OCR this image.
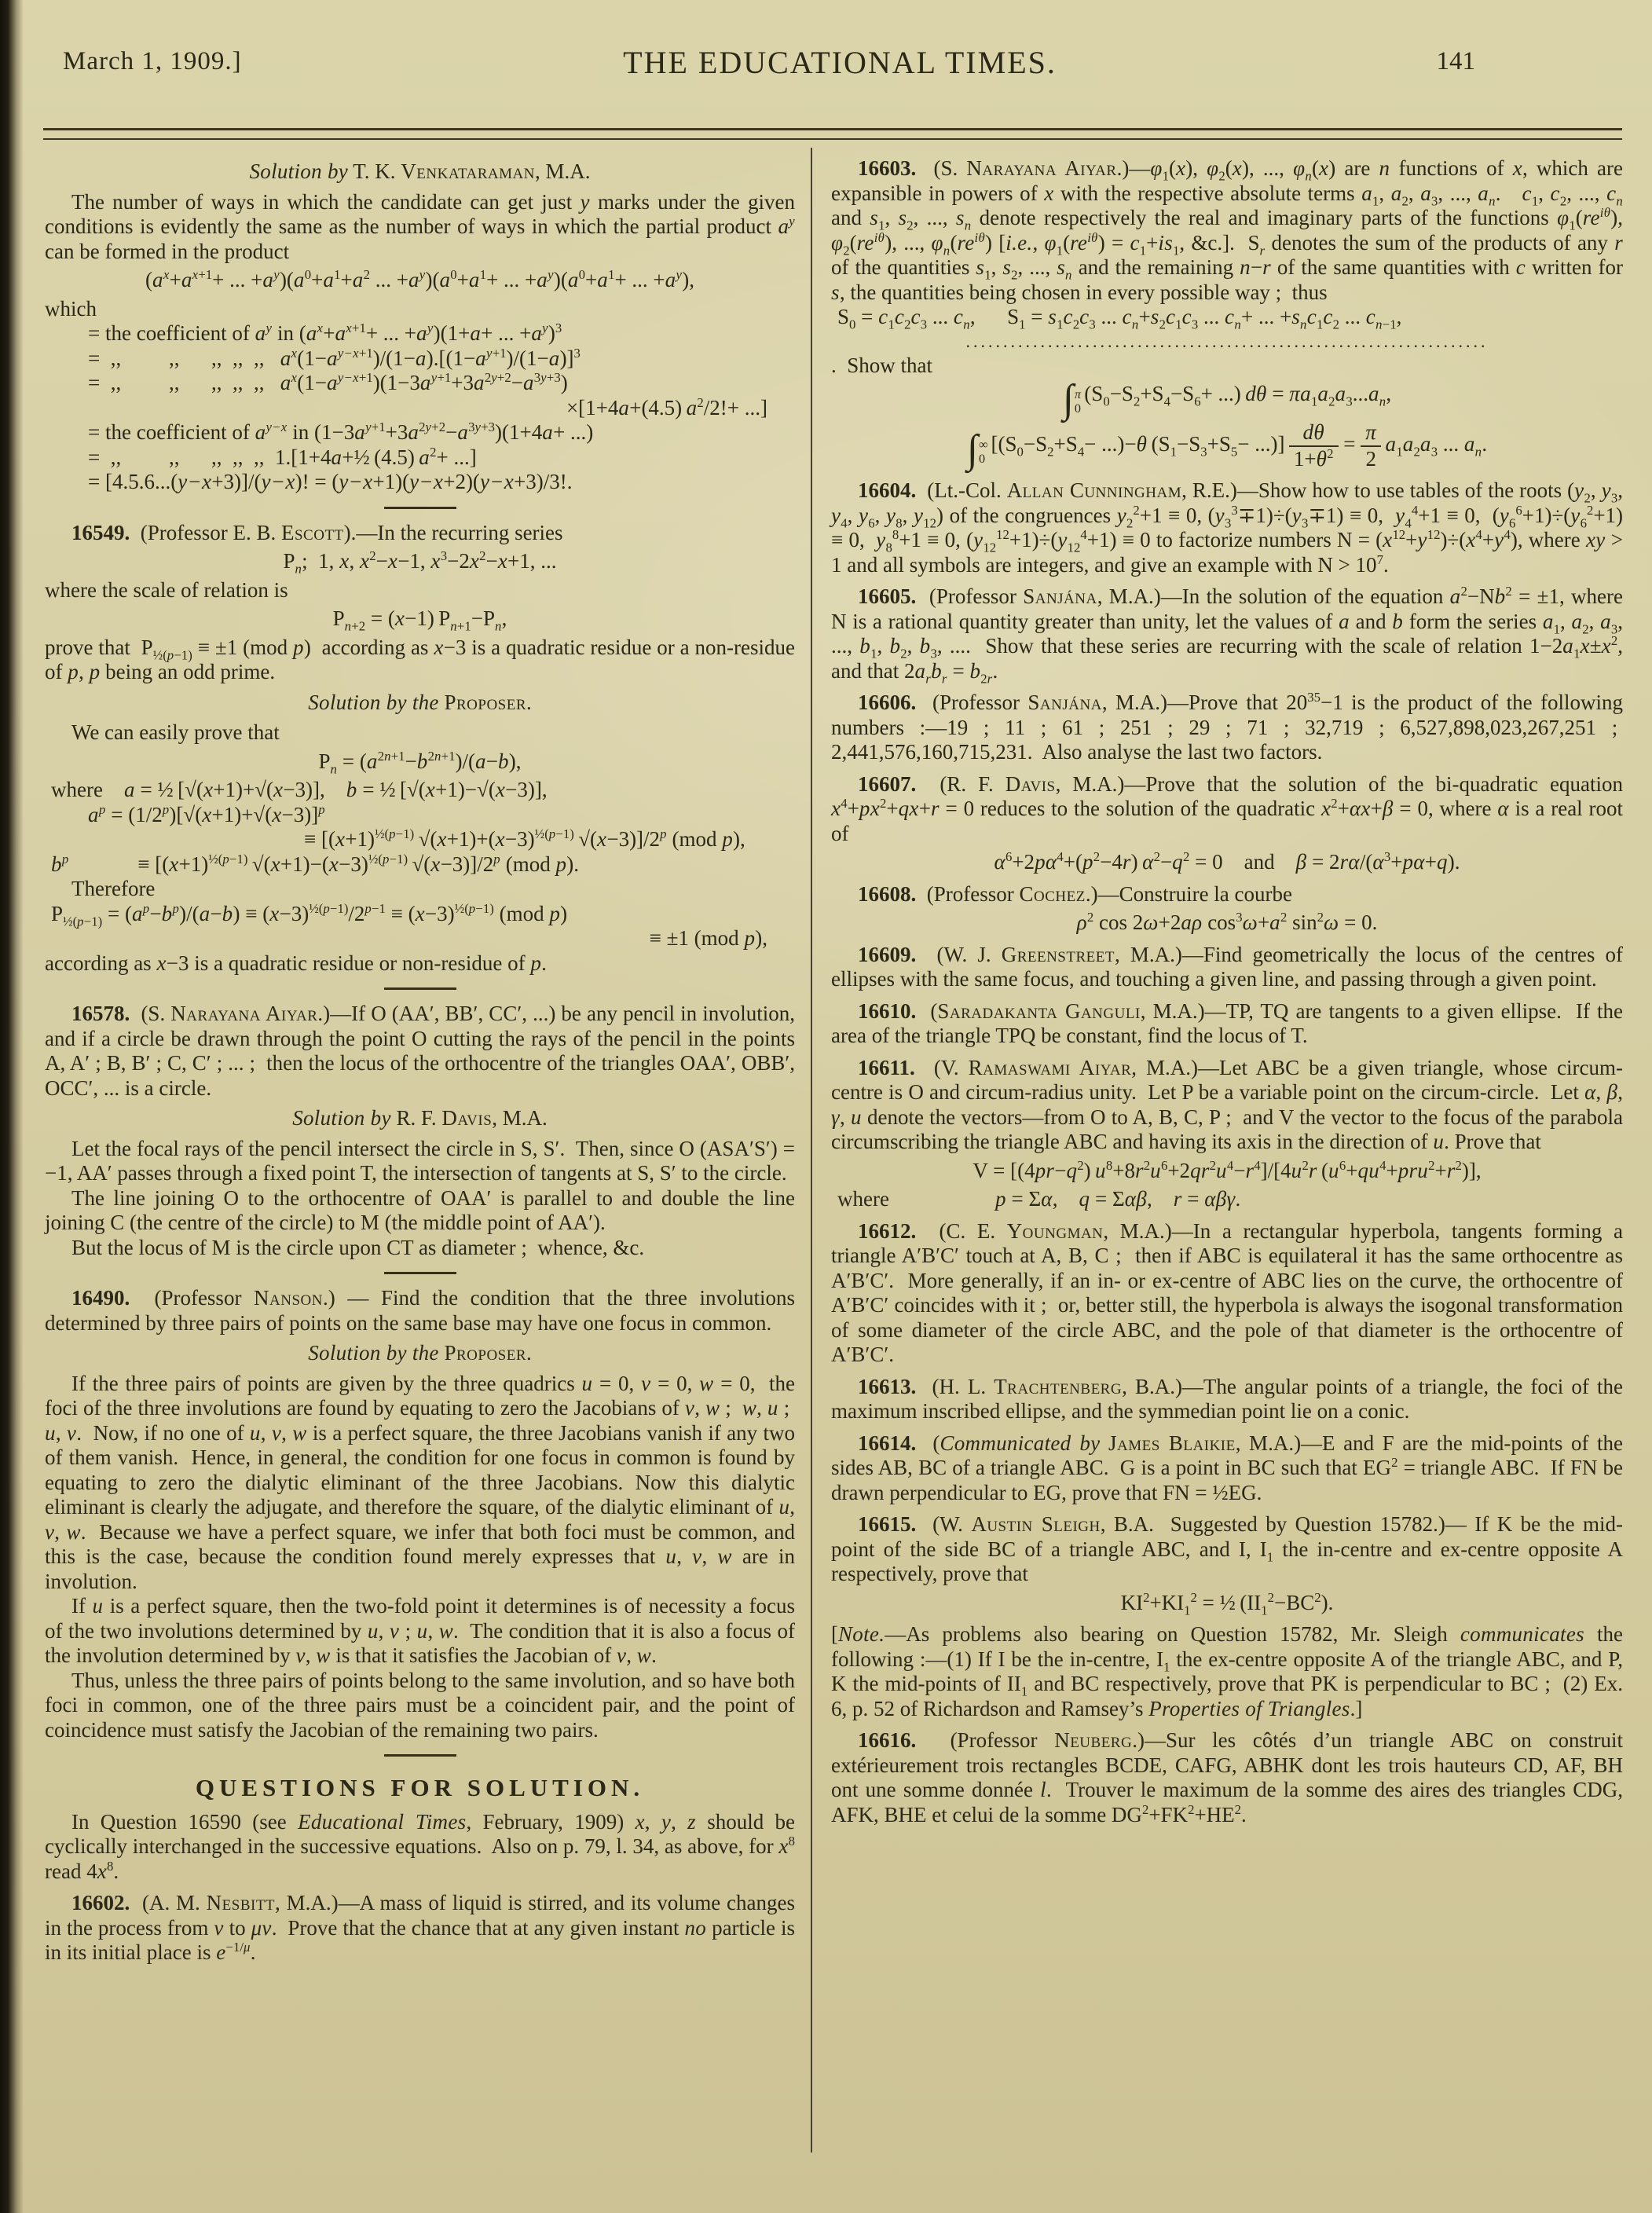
March 1, 1909.]	THE EDUCATIONAL TIMES.	141
Solution by T. K. Venkataraman, M.A.
The number of ways in which the candidate can get just y marks under the given conditions is evidently the same as the number of ways in which the partial product $a^y$ can be formed in the product
($a^x+a^{x+1}+$ ... $+a^y)(a^0+a^1+a^2$ ... $+a^y)(a^0+a^1+$ ... $+a^y)(a^0+a^1+$ ... $+a^y$),
which
= the coefficient of $a^y$ in ($a^x+a^{x+1}+$ ... $+a^y)(1+a+$ ... $+a^y)^3$
=  ,,   ,,  ,, ,, ,,  $a^x(1-a^{y-x+1})/(1-a).[(1-a^{y+1})/(1-a)]^3$
=  ,,   ,,  ,, ,, ,,  $a^x(1-a^{y-x+1})(1-3a^{y+1}+3a^{2y+2}-a^{3y+3})$
×[1+4a+(4.5) $a^2/2!+$ ...]
= the coefficient of $a^{y-x}$ in $(1-3a^{y+1}+3a^{2y+2}-a^{3y+3})(1+4a+$ ...)
=  ,,   ,,  ,, ,, ,, 1.[1+4a+½ (4.5) $a^2+$ ...]
= [4.5.6...(y−x+3)]/(y−x)! = (y−x+1)(y−x+2)(y−x+3)/3!.
16549.  (Professor E. B. Escott).—In the recurring series
$P_n$;  1, x, $x^2-x-1$, $x^3-2x^2-x+1$, ...
where the scale of relation is
$P_{n+2} = (x-1)$ $P_{n+1}-P_n$,
prove that  $P_{\frac{1}{2}(p-1)} \equiv \pm 1$ (mod p)  according as x−3 is a quadratic residue or a non-residue of p, p being an odd prime.
Solution by the Proposer.
We can easily prove that
$P_n = (a^{2n+1}-b^{2n+1})/(a-b)$,
where a = ½ [√(x+1)+√(x−3)], b = ½ [√(x+1)−√(x−3)],
$a^p = (1/2^p)[√(x+1)+√(x-3)]^p$
≡ [$(x+1)^{\frac{1}{2}(p-1)}$ $√(x+1)+(x-3)^{\frac{1}{2}(p-1)}$ $√(x-3)]/2^p$ (mod p),
$b^p$    ≡ [$(x+1)^{\frac{1}{2}(p-1)}$ $√(x+1)-(x-3)^{\frac{1}{2}(p-1)}$ $√(x-3)]/2^p$ (mod p).
Therefore
$P_{\frac{1}{2}(p-1)} = (a^p-b^p)/(a-b) \equiv (x-3)^{\frac{1}{2}(p-1)}/2^{p-1} \equiv (x-3)^{\frac{1}{2}(p-1)}$ (mod p)
≡ ±1 (mod p),
according as x−3 is a quadratic residue or non-residue of p.
16578.  (S. Narayana Aiyar.)—If O (AA′, BB′, CC′, ...) be any pencil in involution, and if a circle be drawn through the point O cutting the rays of the pencil in the points A, A′ ; B, B′ ; C, C′ ; ... ;  then the locus of the orthocentre of the triangles OAA′, OBB′, OCC′, ... is a circle.
Solution by R. F. Davis, M.A.
Let the focal rays of the pencil intersect the circle in S, S′.  Then, since O (ASA′S′) = −1, AA′ passes through a fixed point T, the intersection of tangents at S, S′ to the circle.
The line joining O to the orthocentre of OAA′ is parallel to and double the line joining C (the centre of the circle) to M (the middle point of AA′).
But the locus of M is the circle upon CT as diameter ;  whence, &c.
16490.  (Professor Nanson.) — Find the condition that the three involutions determined by three pairs of points on the same base may have one focus in common.
Solution by the Proposer.
If the three pairs of points are given by the three quadrics u = 0, v = 0, w = 0,  the foci of the three involutions are found by equating to zero the Jacobians of v, w ;  w, u ;  u, v.  Now, if no one of u, v, w is a perfect square, the three Jacobians vanish if any two of them vanish.  Hence, in general, the condition for one focus in common is found by equating to zero the dialytic eliminant of the three Jacobians. Now this dialytic eliminant is clearly the adjugate, and therefore the square, of the dialytic eliminant of u, v, w.  Because we have a perfect square, we infer that both foci must be common, and this is the case, because the condition found merely expresses that u, v, w are in involution.
If u is a perfect square, then the two-fold point it determines is of necessity a focus of the two involutions determined by u, v ; u, w.  The condition that it is also a focus of the involution determined by v, w is that it satisfies the Jacobian of v, w.
Thus, unless the three pairs of points belong to the same involution, and so have both foci in common, one of the three pairs must be a coincident pair, and the point of coincidence must satisfy the Jacobian of the remaining two pairs.
QUESTIONS FOR SOLUTION.
In Question 16590 (see Educational Times, February, 1909) x, y, z should be cyclically interchanged in the successive equations.  Also on p. 79, l. 34, as above, for $x^8$ read $4x^8$.
16602.  (A. M. Nesbitt, M.A.)—A mass of liquid is stirred, and its volume changes in the process from v to μv.  Prove that the chance that at any given instant no particle is in its initial place is $e^{-1/\mu}$.
16603.  (S. Narayana $Aiyar.)—\varphi_1(x)$, $\varphi_2(x)$, ..., $\varphi_n(x)$ are n functions of x, which are expansible in powers of x with the respective absolute terms $a_1$, $a_2$, $a_3$, ..., $a_n$. $c_1$, $c_2$, ..., $c_n$ and $s_1$, $s_2$, ..., $s_n$ denote respectively the real and imaginary parts of the functions $\varphi_1(re^{i\theta})$, $\varphi_2(re^{i\theta})$, ..., $\varphi_n(re^{i\theta})$ [i.e., $\varphi_1(re^{i\theta}) = c_1+is_1$, &c.].  $S_r$ denotes the sum of the products of any r of the quantities $s_1$, $s_2$, ..., $s_n$ and the remaining n−r of the same quantities with c written for s, the quantities being chosen in every possible way ;  thus
$S_0 = c_1c_2c_3$ ... $c_n$,  $S_1 = s_1c_2c_3$ ... $c_n+s_2c_1c_3$ ... $c_n+$ ... $+s_nc_1c_2$ ... $c_{n-1}$,
......................................................................
.  Show that
∫ π
0
($S_0-S_2+S_4-S_6+$ ...) $d\theta = \pi a_1a_2a_3...a_n$,
∫ ∞
0
[$(S_0-S_2+S_4- ...)-\theta$ ($S_1-S_3+S_5-$ ...)]  $\frac{d\theta}{1+\theta^2} = \frac{\pi}{2}$
  $a_1a_2a_3$ ... $a_n$.
16604.  (Lt.-Col. Allan Cunningham, R.E.)—Show how to use tables of the roots ($y_2$, $y_3$, $y_4$, $y_6$, $y_8$, $y_{12}$) of the congruences $y_2^2+1 \equiv 0$, $(y_3^3\mp 1)\div(y_3\mp 1) \equiv 0$,  $y_4^4+1 \equiv 0$,  $(y_6^6+1)\div(y_6^2+1) \equiv 0$,  $y_8^8+1 \equiv 0$, $(y_{12}^{12}+1)\div(y_{12}^4+1) \equiv 0$ to factorize numbers $N = (x^{12}+y^{12})\div(x^4+y^4)$, where xy > 1 and all symbols are integers, and give an example with $N > 10^7$.
16605.  (Professor Sanjána, M.A.)—In the solution of the equation $a^2-Nb^2 = \pm 1$, where N is a rational quantity greater than unity, let the values of a and b form the series $a_1$, $a_2$, $a_3$, ..., $b_1$, $b_2$, $b_3$, ....  Show that these series are recurring with the scale of relation $1-2a_1x\pm x^2$, and that $2a_rb_r = b_{2r}$.
16606.  (Professor Sanjána, M.A.)—Prove that $20^{35}-1$ is the product of the following numbers :—19 ; 11 ; 61 ; 251 ; 29 ; 71 ; 32,719 ; 6,527,898,023,267,251 ;  2,441,576,160,715,231.  Also analyse the last two factors.
16607.  (R. F. Davis, M.A.)—Prove that the solution of the bi-quadratic equation $x^4+px^2+qx+r = 0$ reduces to the solution of the quadratic $x^2+\alpha x+\beta = 0$, where α is a real root of
$\alpha^6+2p\alpha^4+(p^2-4r) \alpha^2-q^2 = 0$ and $\beta = 2r\alpha/(\alpha^3+p\alpha+q)$.
16608.  (Professor Cochez.)—Construire la courbe
$\rho^2$ cos 2ω+2aρ $\cos^3\omega+a^2$ $\sin^2\omega = 0$.
16609.  (W. J. Greenstreet, M.A.)—Find geometrically the locus of the centres of ellipses with the same focus, and touching a given line, and passing through a given point.
16610.  (Saradakanta Ganguli, M.A.)—TP, TQ are tangents to a given ellipse.  If the area of the triangle TPQ be constant, find the locus of T.
16611.  (V. Ramaswami Aiyar, M.A.)—Let ABC be a given triangle, whose circum-centre is O and circum-radius unity.  Let P be a variable point on the circum-circle.  Let α, β, γ, u denote the vectors—from O to A, B, C, P ;  and V the vector to the focus of the parabola circumscribing the triangle ABC and having its axis in the direction of u. Prove that
$V = [(4pr-q^2)$ $u^8+8r^2u^6+2qr^2u^4-r^4]/[4u^2r$ $(u^6+qu^4+pru^2+r^2)$],
where     p = Σα, q = Σαβ, r = αβγ.
16612.  (C. E. Youngman, M.A.)—In a rectangular hyperbola, tangents forming a triangle A′B′C′ touch at A, B, C ;  then if ABC is equilateral it has the same orthocentre as A′B′C′.  More generally, if an in- or ex-centre of ABC lies on the curve, the orthocentre of A′B′C′ coincides with it ;  or, better still, the hyperbola is always the isogonal transformation of some diameter of the circle ABC, and the pole of that diameter is the orthocentre of A′B′C′.
16613.  (H. L. Trachtenberg, B.A.)—The angular points of a triangle, the foci of the maximum inscribed ellipse, and the symmedian point lie on a conic.
16614.  (Communicated by James Blaikie, M.A.)—E and F are the mid-points of the sides AB, BC of a triangle ABC.  G is a point in BC such that $EG^2$ = triangle ABC.  If FN be drawn perpendicular to EG, prove that FN = ½EG.
16615.  (W. Austin Sleigh, B.A.  Suggested by Question 15782.)— If K be the mid-point of the side BC of a triangle ABC, and I, $I_1$ the in-centre and ex-centre opposite A respectively, prove that
$KI^2+KI_1^2$ = ½ $(II_1^2-BC^2)$.
[Note.—As problems also bearing on Question 15782, Mr. Sleigh communicates the following :—(1) If I be the in-centre, $I_1$ the ex-centre opposite A of the triangle ABC, and P, K the mid-points of $II_1$ and BC respectively, prove that PK is perpendicular to BC ;  (2) Ex. 6, p. 52 of Richardson and Ramsey’s Properties of Triangles.]
16616.  (Professor Neuberg.)—Sur les côtés d’un triangle ABC on construit extérieurement trois rectangles BCDE, CAFG, ABHK dont les trois hauteurs CD, AF, BH ont une somme donnée l.  Trouver le maximum de la somme des aires des triangles CDG, AFK, BHE et celui de la somme $DG^2+FK^2+HE^2$.
